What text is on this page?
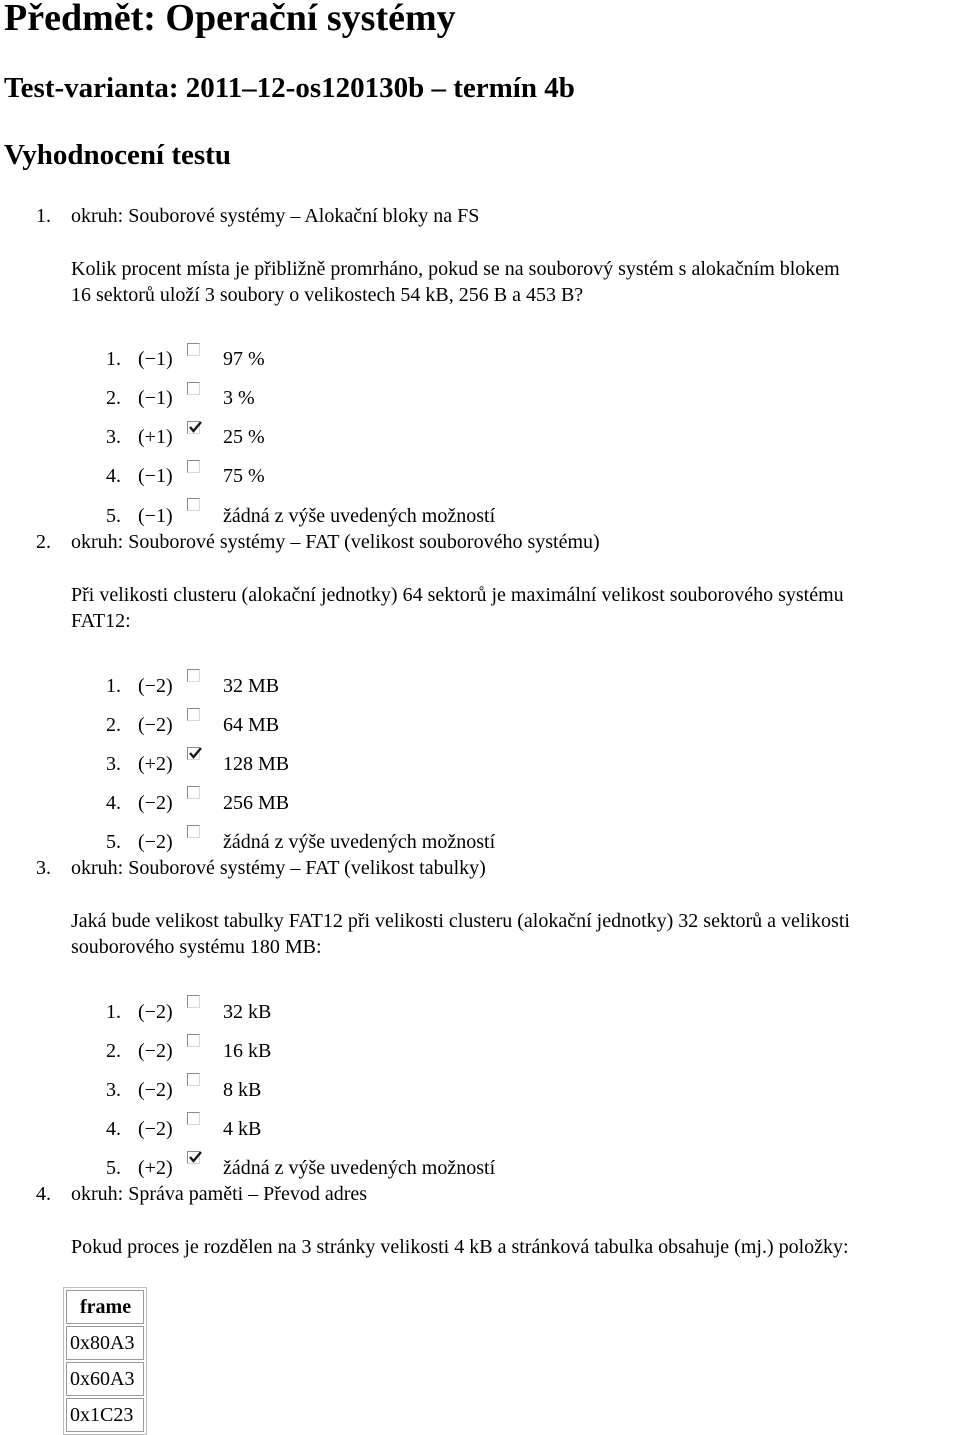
Předmět: Operační systémy
Test-varianta: 2011–12-os120130b – termín 4b
Vyhodnocení testu
1. okruh: Souborové systémy – Alokační bloky na FS
Kolik procent místa je přibližně promrháno, pokud se na souborový systém s alokačním blokem
16 sektorů uloží 3 soubory o velikostech 54 kB, 256 B a 453 B?
1. (−1)	97 %
2. (−1)	3 %
3. (+1)	25 %
4. (−1)	75 %
5. (−1)	žádná z výše uvedených možností
2. okruh: Souborové systémy – FAT (velikost souborového systému)
Při velikosti clusteru (alokační jednotky) 64 sektorů je maximální velikost souborového systému
FAT12:
1. (−2)	32 MB
2. (−2)	64 MB
3. (+2)	128 MB
4. (−2)	256 MB
5. (−2)	žádná z výše uvedených možností
3. okruh: Souborové systémy – FAT (velikost tabulky)
Jaká bude velikost tabulky FAT12 při velikosti clusteru (alokační jednotky) 32 sektorů a velikosti
souborového systému 180 MB:
1. (−2)	32 kB
2. (−2)	16 kB
3. (−2)	8 kB
4. (−2)	4 kB
5. (+2)	žádná z výše uvedených možností
4. okruh: Správa paměti – Převod adres
Pokud proces je rozdělen na 3 stránky velikosti 4 kB a stránková tabulka obsahuje (mj.) položky:
frame
0x80A3
0x60A3
0x1C23
